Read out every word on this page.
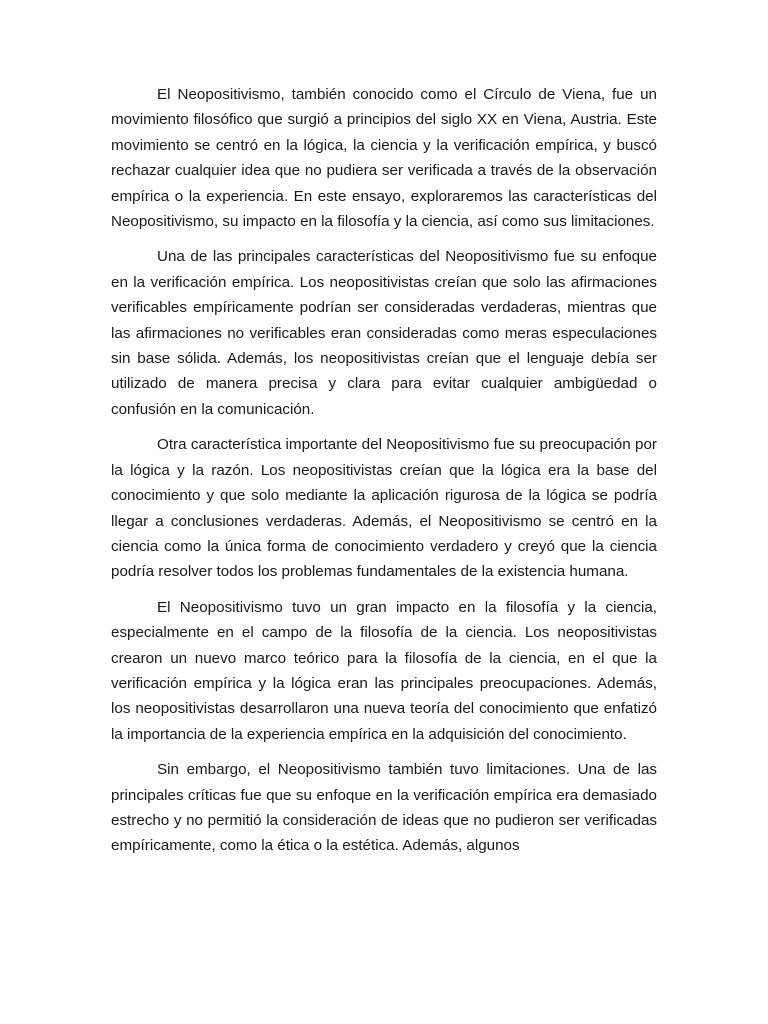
El Neopositivismo, también conocido como el Círculo de Viena, fue un movimiento filosófico que surgió a principios del siglo XX en Viena, Austria. Este movimiento se centró en la lógica, la ciencia y la verificación empírica, y buscó rechazar cualquier idea que no pudiera ser verificada a través de la observación empírica o la experiencia. En este ensayo, exploraremos las características del Neopositivismo, su impacto en la filosofía y la ciencia, así como sus limitaciones.

Una de las principales características del Neopositivismo fue su enfoque en la verificación empírica. Los neopositivistas creían que solo las afirmaciones verificables empíricamente podrían ser consideradas verdaderas, mientras que las afirmaciones no verificables eran consideradas como meras especulaciones sin base sólida. Además, los neopositivistas creían que el lenguaje debía ser utilizado de manera precisa y clara para evitar cualquier ambigüedad o confusión en la comunicación.

Otra característica importante del Neopositivismo fue su preocupación por la lógica y la razón. Los neopositivistas creían que la lógica era la base del conocimiento y que solo mediante la aplicación rigurosa de la lógica se podría llegar a conclusiones verdaderas. Además, el Neopositivismo se centró en la ciencia como la única forma de conocimiento verdadero y creyó que la ciencia podría resolver todos los problemas fundamentales de la existencia humana.

El Neopositivismo tuvo un gran impacto en la filosofía y la ciencia, especialmente en el campo de la filosofía de la ciencia. Los neopositivistas crearon un nuevo marco teórico para la filosofía de la ciencia, en el que la verificación empírica y la lógica eran las principales preocupaciones. Además, los neopositivistas desarrollaron una nueva teoría del conocimiento que enfatizó la importancia de la experiencia empírica en la adquisición del conocimiento.

Sin embargo, el Neopositivismo también tuvo limitaciones. Una de las principales críticas fue que su enfoque en la verificación empírica era demasiado estrecho y no permitió la consideración de ideas que no pudieron ser verificadas empíricamente, como la ética o la estética. Además, algunos
